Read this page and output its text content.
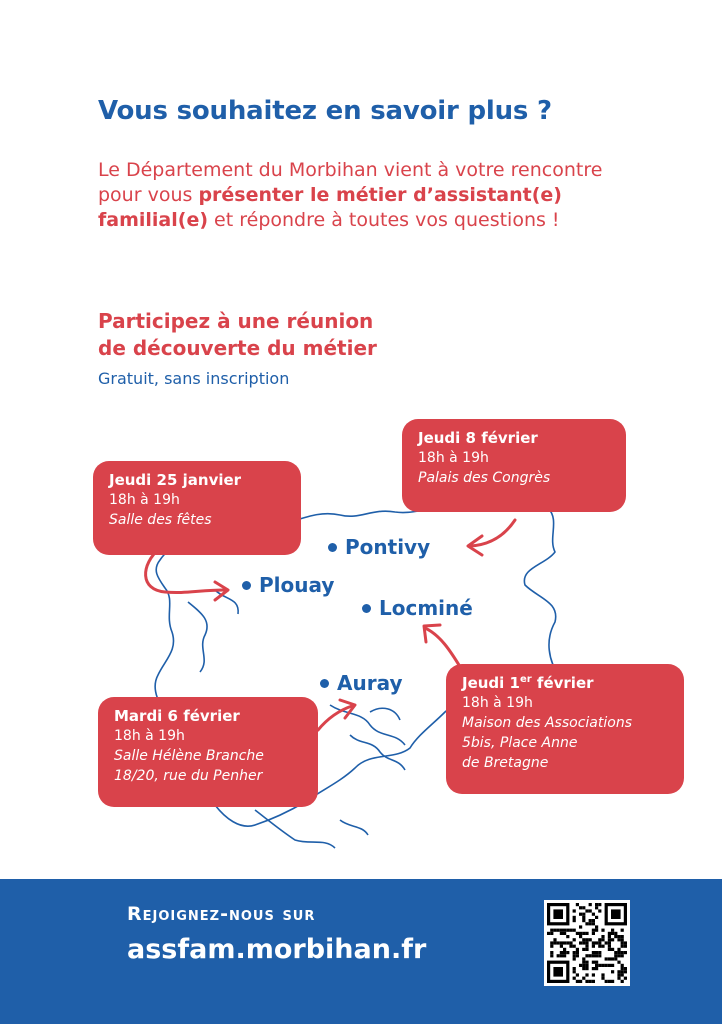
Vous souhaitez en savoir plus ?

Le Département du Morbihan vient à votre rencontre pour vous présenter le métier d’assistant(e) familial(e) et répondre à toutes vos questions !

Participez à une réunion
de découverte du métier

Gratuit, sans inscription

Pontivy
Plouay
Locminé
Auray

Jeudi 8 février

18h à 19h

Palais des Congrès

Jeudi 25 janvier

18h à 19h

Salle des fêtes

Jeudi 1er février

18h à 19h

Maison des Associations

5bis, Place Anne

de Bretagne

Mardi 6 février

18h à 19h

Salle Hélène Branche

18/20, rue du Penher

Rejoignez-nous sur

assfam.morbihan.fr
